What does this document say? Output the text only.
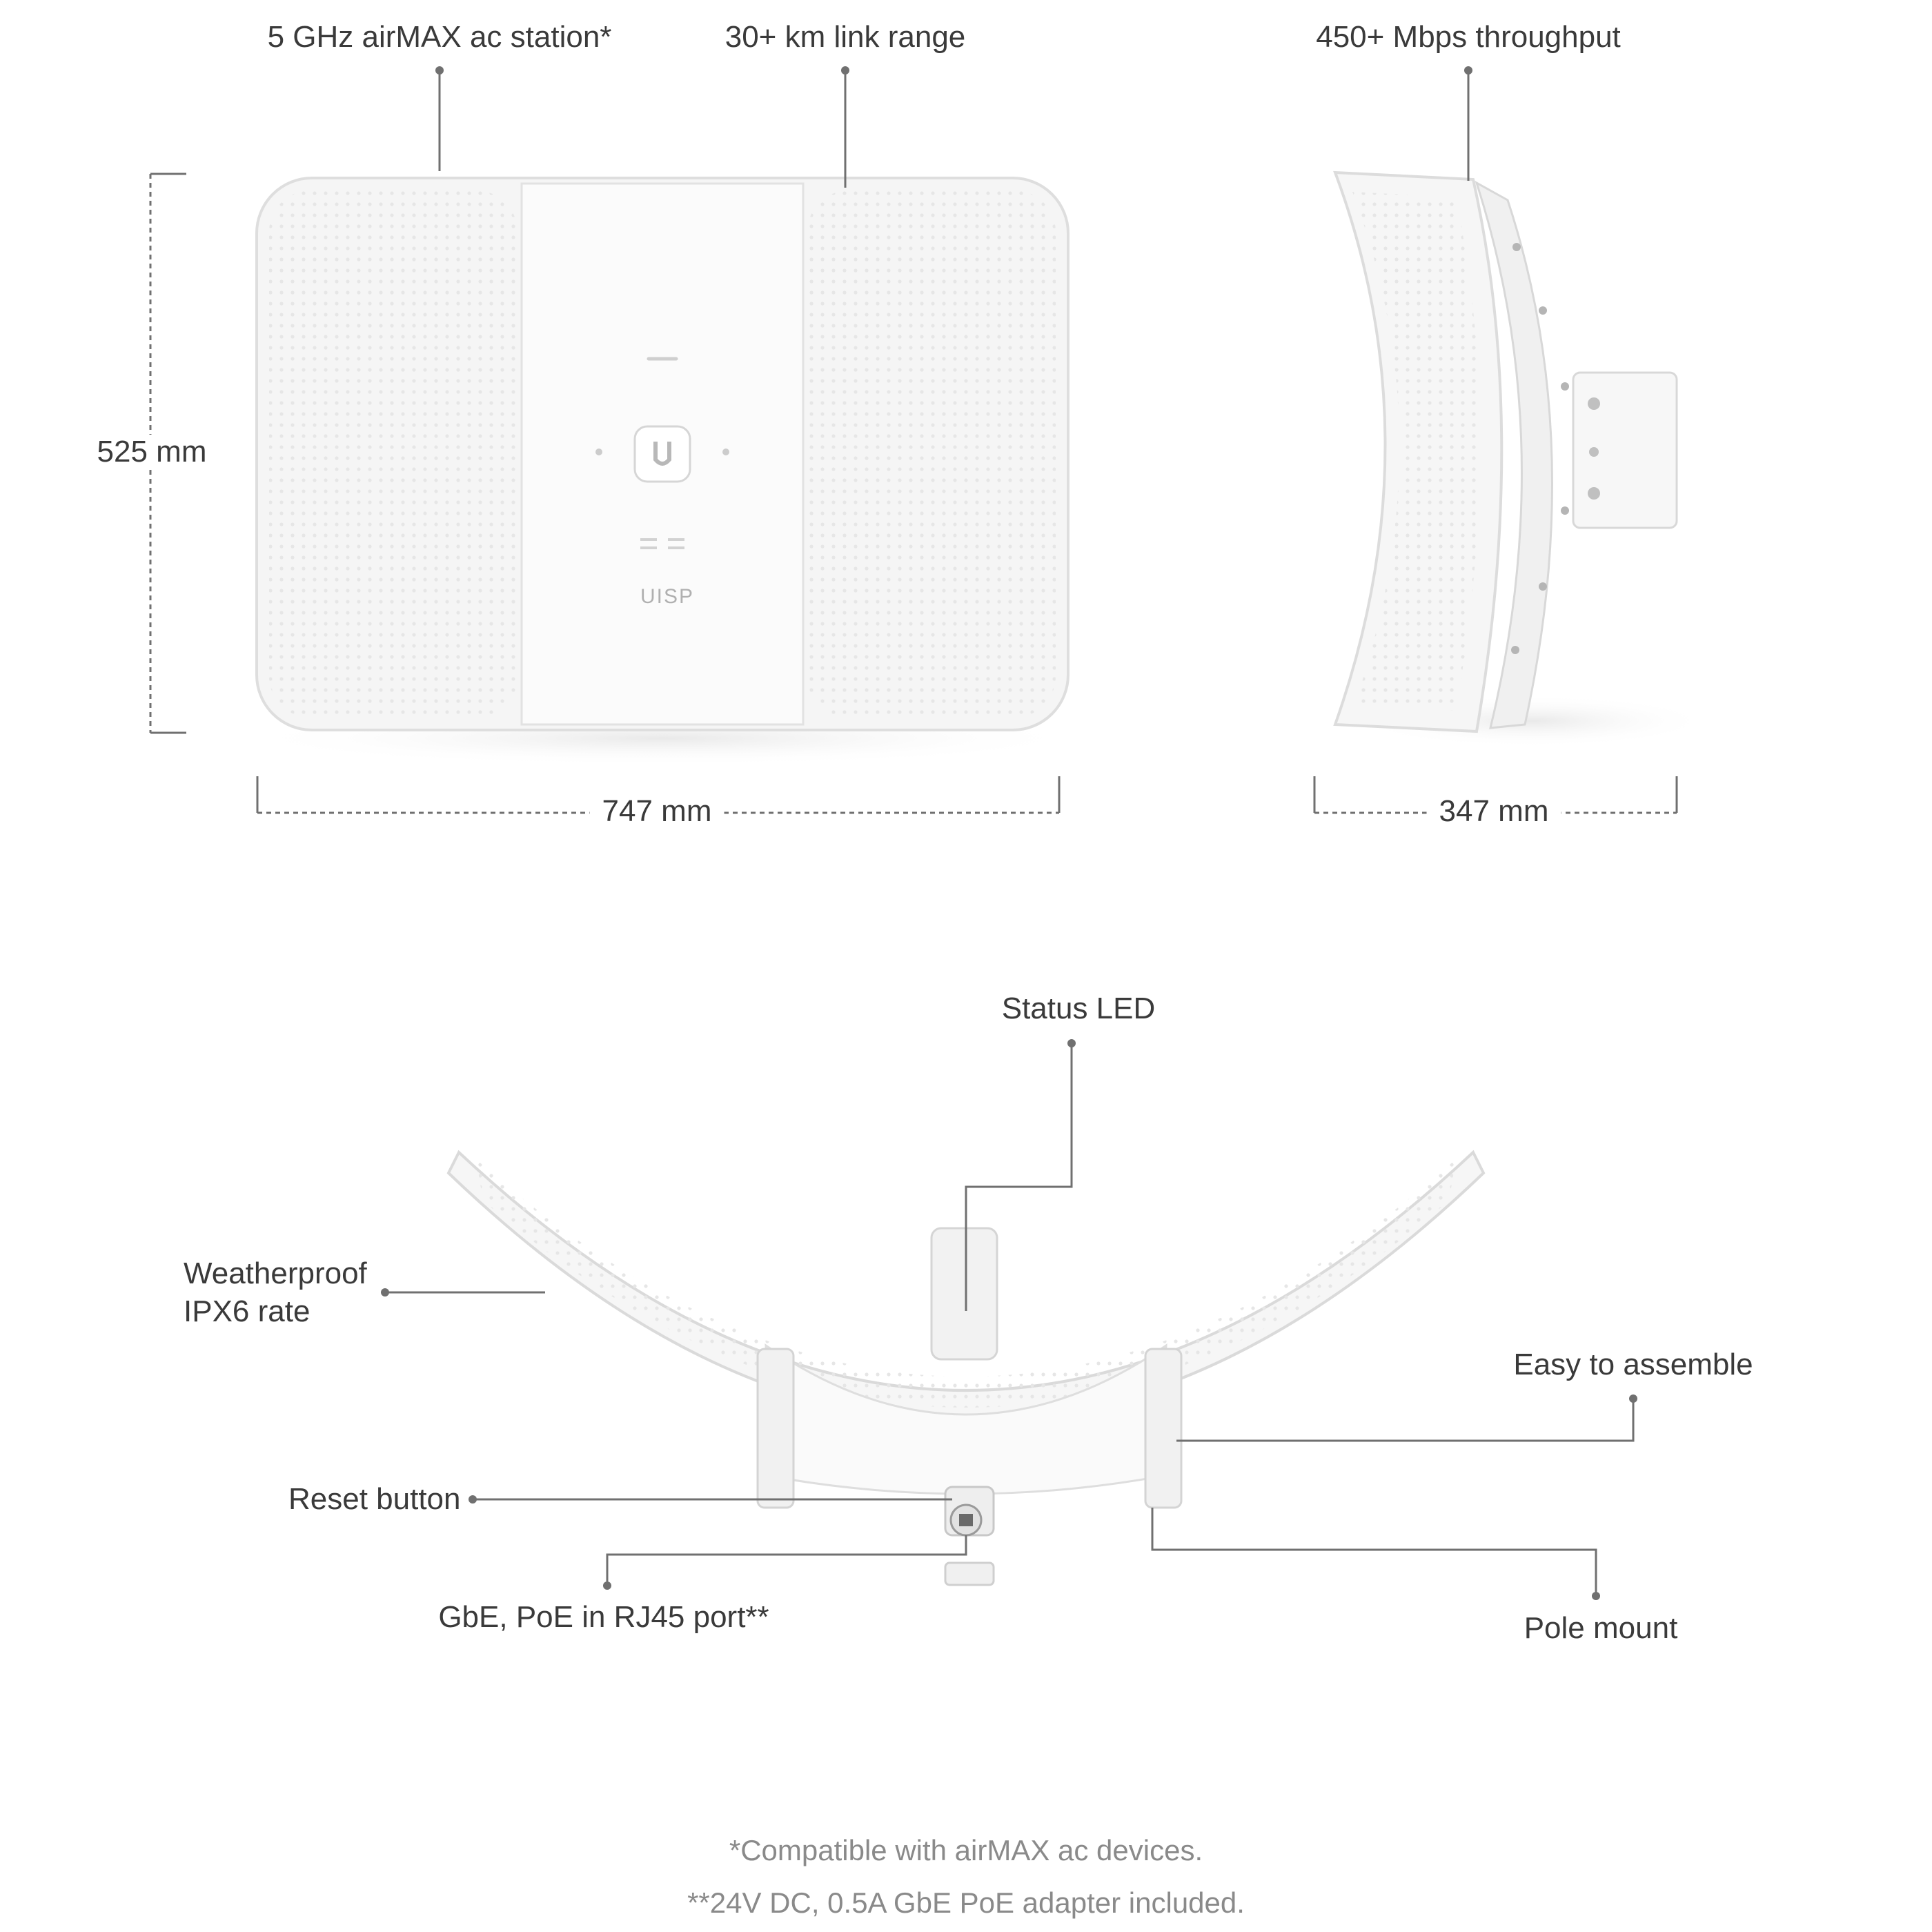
UISP
5 GHz airMAX ac station*	30+ km link range	450+ Mbps throughput
Status LED
Weatherproof
IPX6 rate
Easy to assemble
Reset button
GbE, PoE in RJ45 port**	Pole mount
525 mm
747 mm	347 mm
*Compatible with airMAX ac devices.
**24V DC, 0.5A GbE PoE adapter included.
